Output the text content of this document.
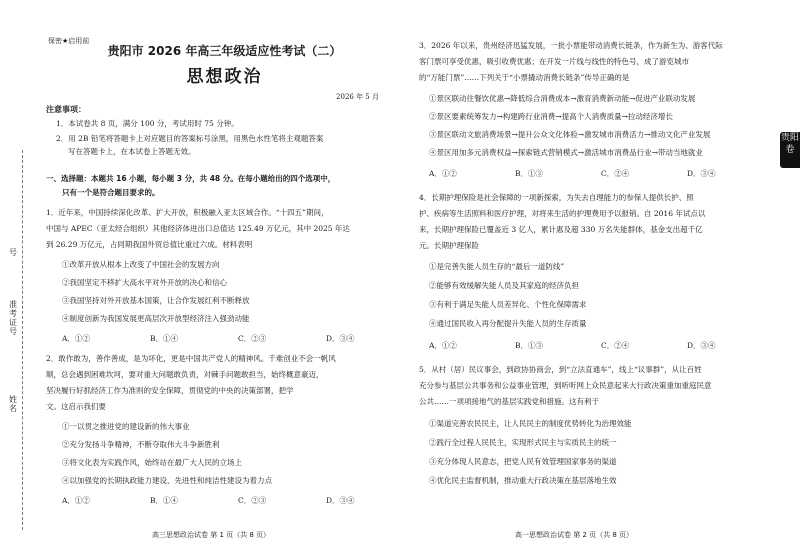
号
准
考
证
号
姓
名
保密★启用前
贵阳市 2026 年高三年级适应性考试（二）
思想政治
2026 年 5 月
注意事项：
1．本试卷共 8 页，满分 100 分，考试用时 75 分钟。
2．用 2B 铅笔将答题卡上对应题目的答案标号涂黑，用黑色水性笔将主观题答案
写在答题卡上，在本试卷上答题无效。
一、选择题：本题共 16 小题，每小题 3 分，共 48 分。在每小题给出的四个选项中，
只有一个是符合题目要求的。
1．近年来，中国持续深化改革、扩大开放，积极融入亚太区域合作。“十四五”期间，
中国与 APEC（亚太经合组织）其他经济体进出口总值达 125.49 万亿元，其中 2025 年达
到 26.29 万亿元，占同期我国外贸总值比重过六成。材料表明
①改革开放从根本上改变了中国社会的发展方向
②我国坚定不移扩大高水平对外开放的决心和信心
③我国坚持对外开放基本国策，让合作发展红利不断释放
④制度创新为我国发展更高层次开放型经济注入强劲动能
A．①②	B．①④	C．②③	D．③④
2．敢作敢为，善作善成，是为坏化，更是中国共产党人的精神风。千难创业不会一帆风
顺，总会遇到困难坎坷，要对重大问题敢负责，对棘手问题敢担当，始终概意豪迈，
坚决履行好抓经济工作为准则的安全保障，贯彻党的中央的决策部署，把学
文。这启示我们要
①一以贯之推进党的建设新的伟大事业
②充分发扬斗争精神，不断夺取伟大斗争新胜利
③将文化表为实践作风，始终站在最广大人民的立场上
④以加强党的长期执政能力建设、先进性和纯洁性建设为着力点
A．①②	B．①④	C．②③	D．③④
高三思想政治试卷 第 1 页（共 8 页）
3．2026 年以来，贵州经济迅猛发展，一批小票能带动消费长链条，作为新生为、游客代际
客门票可享受优惠，吸引收费优惠；在开发一片线与线性的特色号，成了游览城市
的“万能门票”……下列关于“小票撬动消费长链条”传导正确的是
①景区联动住餐饮优惠→降低综合消费成本→激育消费新动能→促进产业联动发展
②景区要素统筹发力→构建跨行业消费→提高个人消费质量→拉动经济增长
③景区联动文旅消费场景→提升公众文化体验→激发城市消费活力→推动文化产业发展
④景区用加多元消费权益→探索链式营销模式→激活城市消费品行业→带动当地就业
A．①②	B．①③	C．②④	D．③④
4．长期护理保险是社会保障的一项新探索，为失去自理能力的参保人提供长护、照
护、疾病等生活照料和医疗护理，对将来生活的护理费用予以报销。自 2016 年试点以
来，长期护理保险已覆盖近 3 亿人，累计惠及超 330 万名失能群体，基金支出超千亿
元。长期护理保险
①是完善失能人员生存的“最后一道防线”
②能够有效缓解失能人员及其家庭的经济负担
③有利于满足失能人员差异化、个性化保障需求
④通过国民收入再分配提升失能人员的生存质量
A．①②	B．①③	C．②④	D．③④
5．从村（居）民议事会，到政协协商会，到“立法直通车”，线上“议事群”，从让百姓
充分参与基层公共事务和公益事业管理，到听听网上众民意起来大行政决策重加重庭民意
公共……一项项接地气的基层实践党和措施。这有利于
①渠道完善农民民主，让人民民主的制度优势转化为治理效能
②践行全过程人民民主，实现形式民主与实质民主的统一
③充分体现人民意志，把党人民有效管理国家事务的渠道
④优化民主监督机制，推动重大行政决策在基层落地生效
高一思想政治试卷 第 2 页（共 8 页）
贵阳
卷
